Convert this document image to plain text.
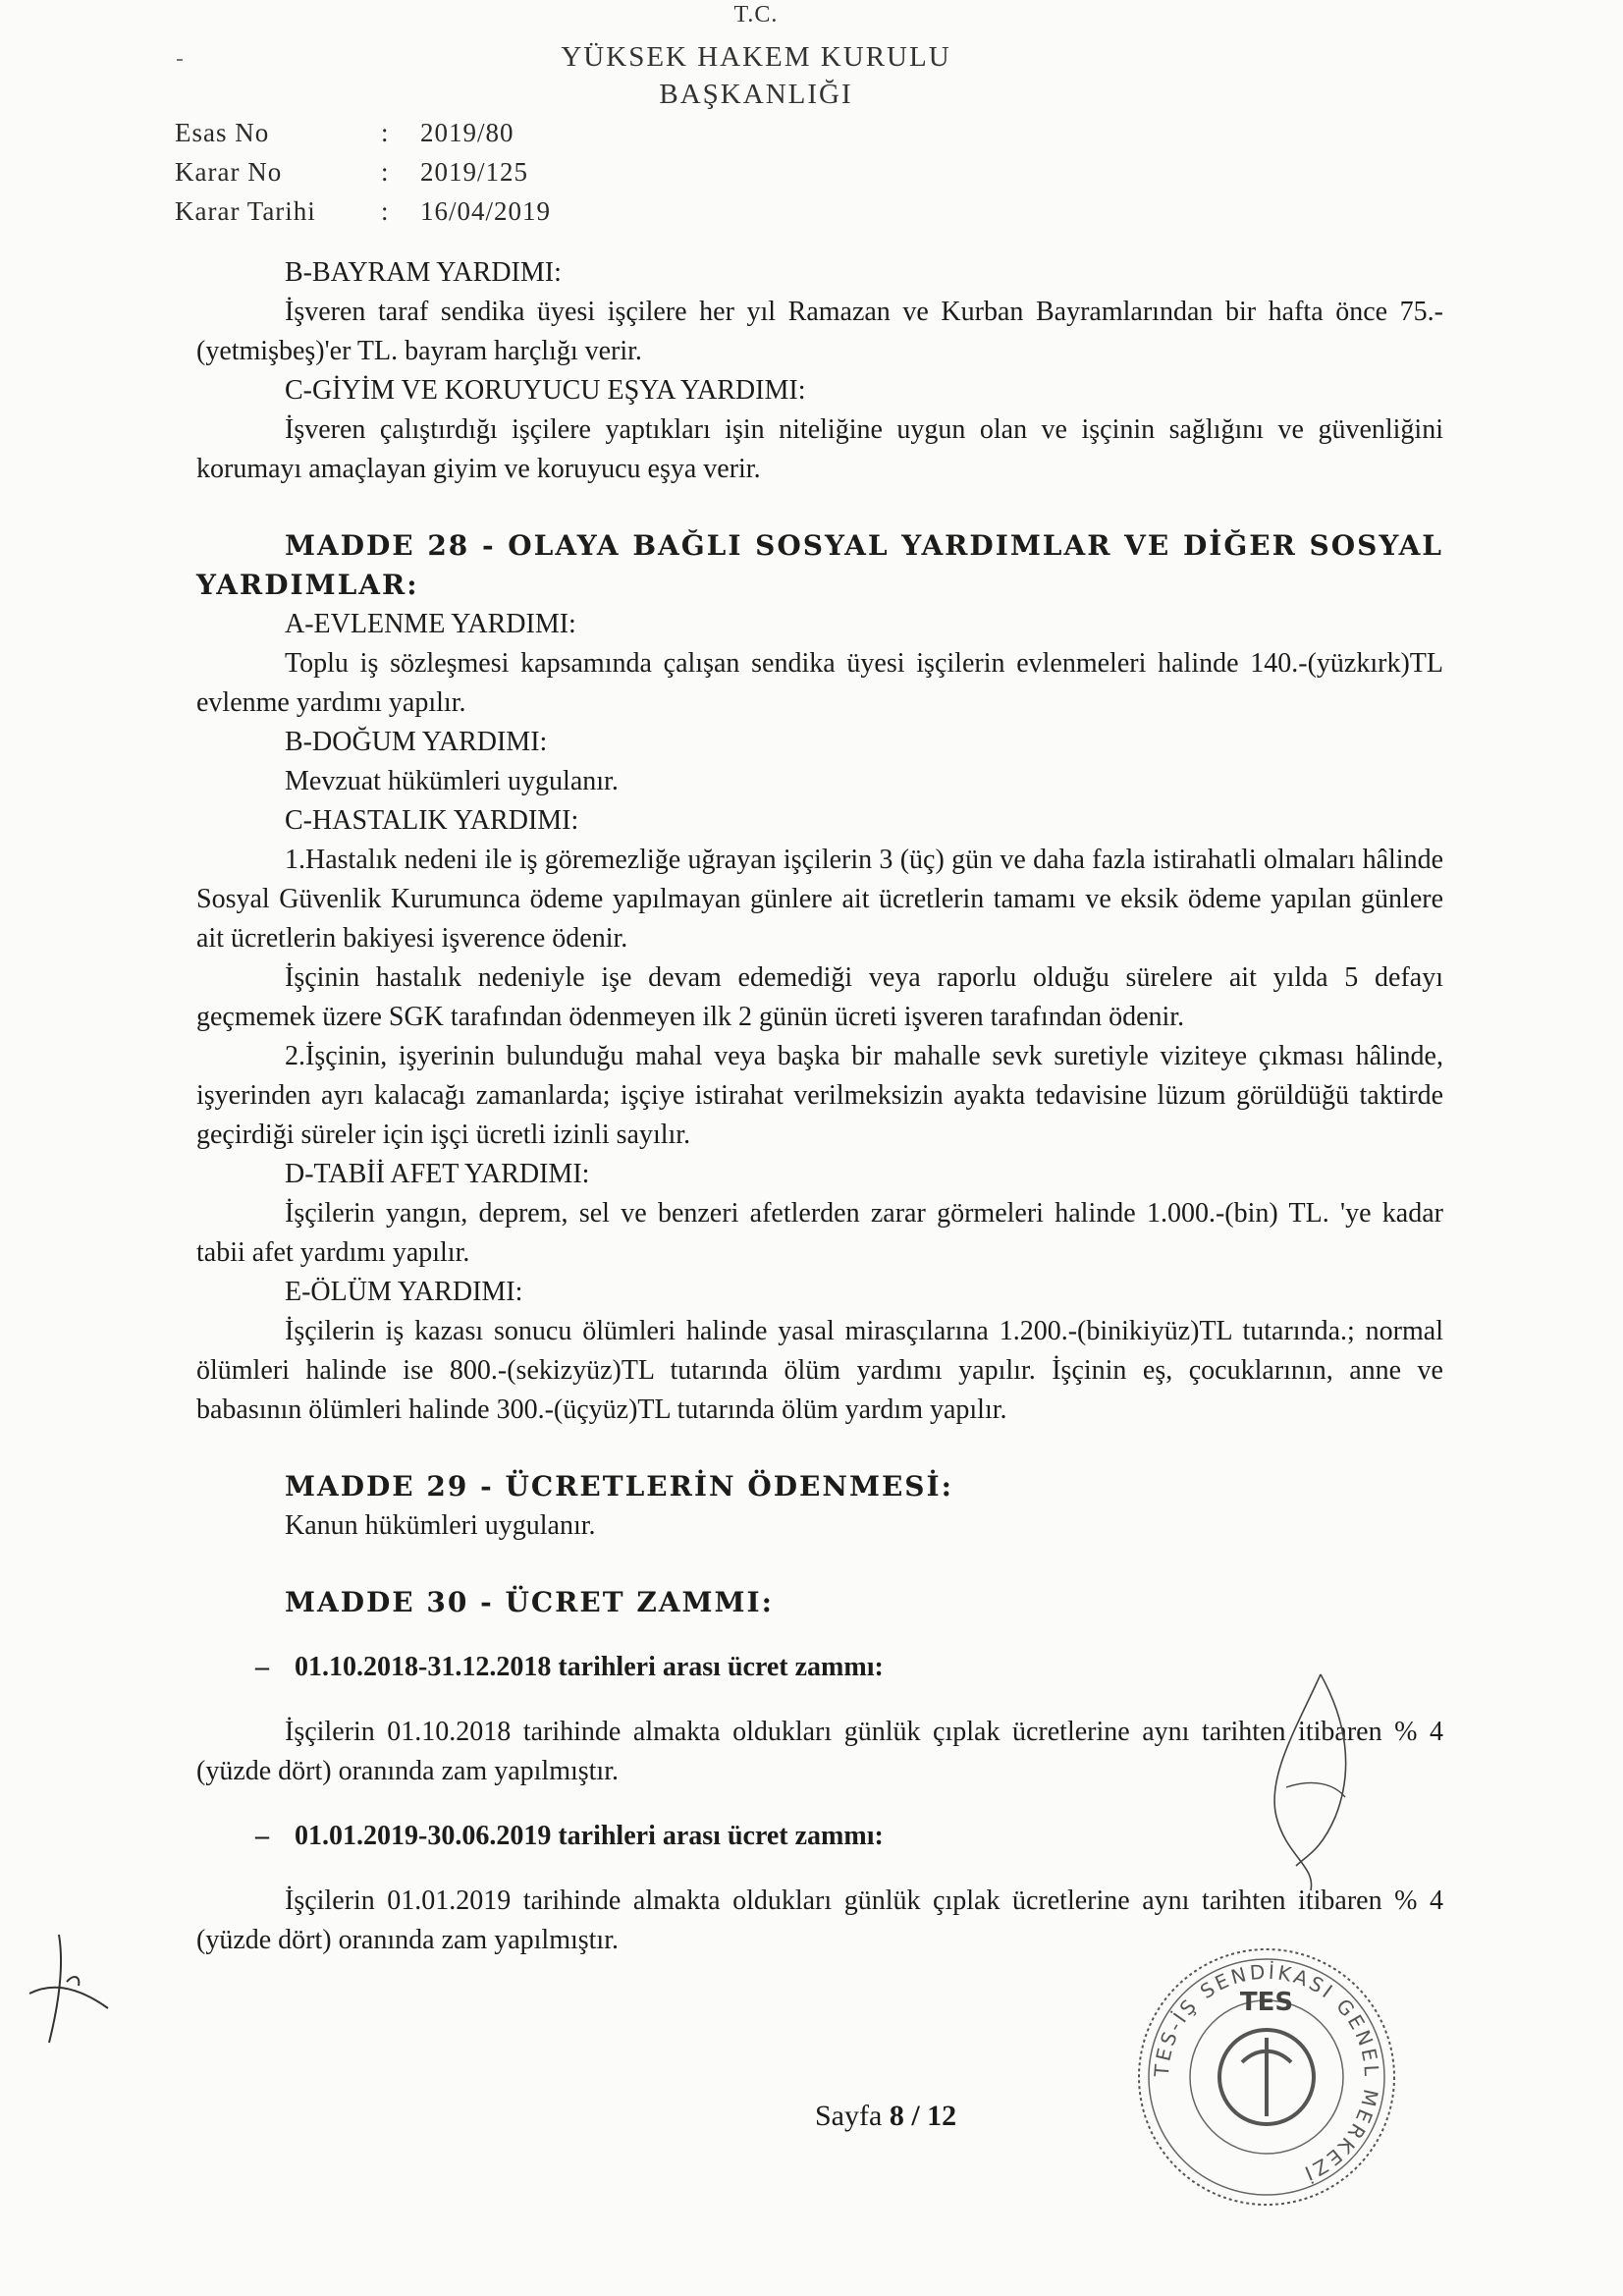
T.C.
YÜKSEK HAKEM KURULU
BAŞKANLIĞI
Esas No	: 2019/80
Karar No	: 2019/125
Karar Tarihi	: 16/04/2019
B-BAYRAM YARDIMI:

İşveren taraf sendika üyesi işçilere her yıl Ramazan ve Kurban Bayramlarından bir hafta önce 75.-(yetmişbeş)'er TL. bayram harçlığı verir.

C-GİYİM VE KORUYUCU EŞYA YARDIMI:

İşveren çalıştırdığı işçilere yaptıkları işin niteliğine uygun olan ve işçinin sağlığını ve güvenliğini korumayı amaçlayan giyim ve koruyucu eşya verir.

MADDE 28 - OLAYA BAĞLI SOSYAL YARDIMLAR VE DİĞER SOSYAL YARDIMLAR:

A-EVLENME YARDIMI:

Toplu iş sözleşmesi kapsamında çalışan sendika üyesi işçilerin evlenmeleri halinde 140.-(yüzkırk)TL evlenme yardımı yapılır.

B-DOĞUM YARDIMI:
Mevzuat hükümleri uygulanır.
C-HASTALIK YARDIMI:

1.Hastalık nedeni ile iş göremezliğe uğrayan işçilerin 3 (üç) gün ve daha fazla istirahatli olmaları hâlinde Sosyal Güvenlik Kurumunca ödeme yapılmayan günlere ait ücretlerin tamamı ve eksik ödeme yapılan günlere ait ücretlerin bakiyesi işverence ödenir.

İşçinin hastalık nedeniyle işe devam edemediği veya raporlu olduğu sürelere ait yılda 5 defayı geçmemek üzere SGK tarafından ödenmeyen ilk 2 günün ücreti işveren tarafından ödenir.

2.İşçinin, işyerinin bulunduğu mahal veya başka bir mahalle sevk suretiyle viziteye çıkması hâlinde, işyerinden ayrı kalacağı zamanlarda; işçiye istirahat verilmeksizin ayakta tedavisine lüzum görüldüğü taktirde geçirdiği süreler için işçi ücretli izinli sayılır.

D-TABİİ AFET YARDIMI:

İşçilerin yangın, deprem, sel ve benzeri afetlerden zarar görmeleri halinde 1.000.-(bin) TL. 'ye kadar tabii afet yardımı yapılır.

E-ÖLÜM YARDIMI:

İşçilerin iş kazası sonucu ölümleri halinde yasal mirasçılarına 1.200.-(binikiyüz)TL tutarında.; normal ölümleri halinde ise 800.-(sekizyüz)TL tutarında ölüm yardımı yapılır. İşçinin eş, çocuklarının, anne ve babasının ölümleri halinde 300.-(üçyüz)TL tutarında ölüm yardım yapılır.

MADDE 29 - ÜCRETLERİN ÖDENMESİ:
Kanun hükümleri uygulanır.
MADDE 30 - ÜCRET ZAMMI:
– 01.10.2018-31.12.2018 tarihleri arası ücret zammı:

İşçilerin 01.10.2018 tarihinde almakta oldukları günlük çıplak ücretlerine aynı tarihten itibaren % 4 (yüzde dört) oranında zam yapılmıştır.

– 01.01.2019-30.06.2019 tarihleri arası ücret zammı:

İşçilerin 01.01.2019 tarihinde almakta oldukları günlük çıplak ücretlerine aynı tarihten itibaren % 4 (yüzde dört) oranında zam yapılmıştır.

Sayfa 8 / 12
TES-İŞ SENDİKASI GENEL MERKEZİ
TES
